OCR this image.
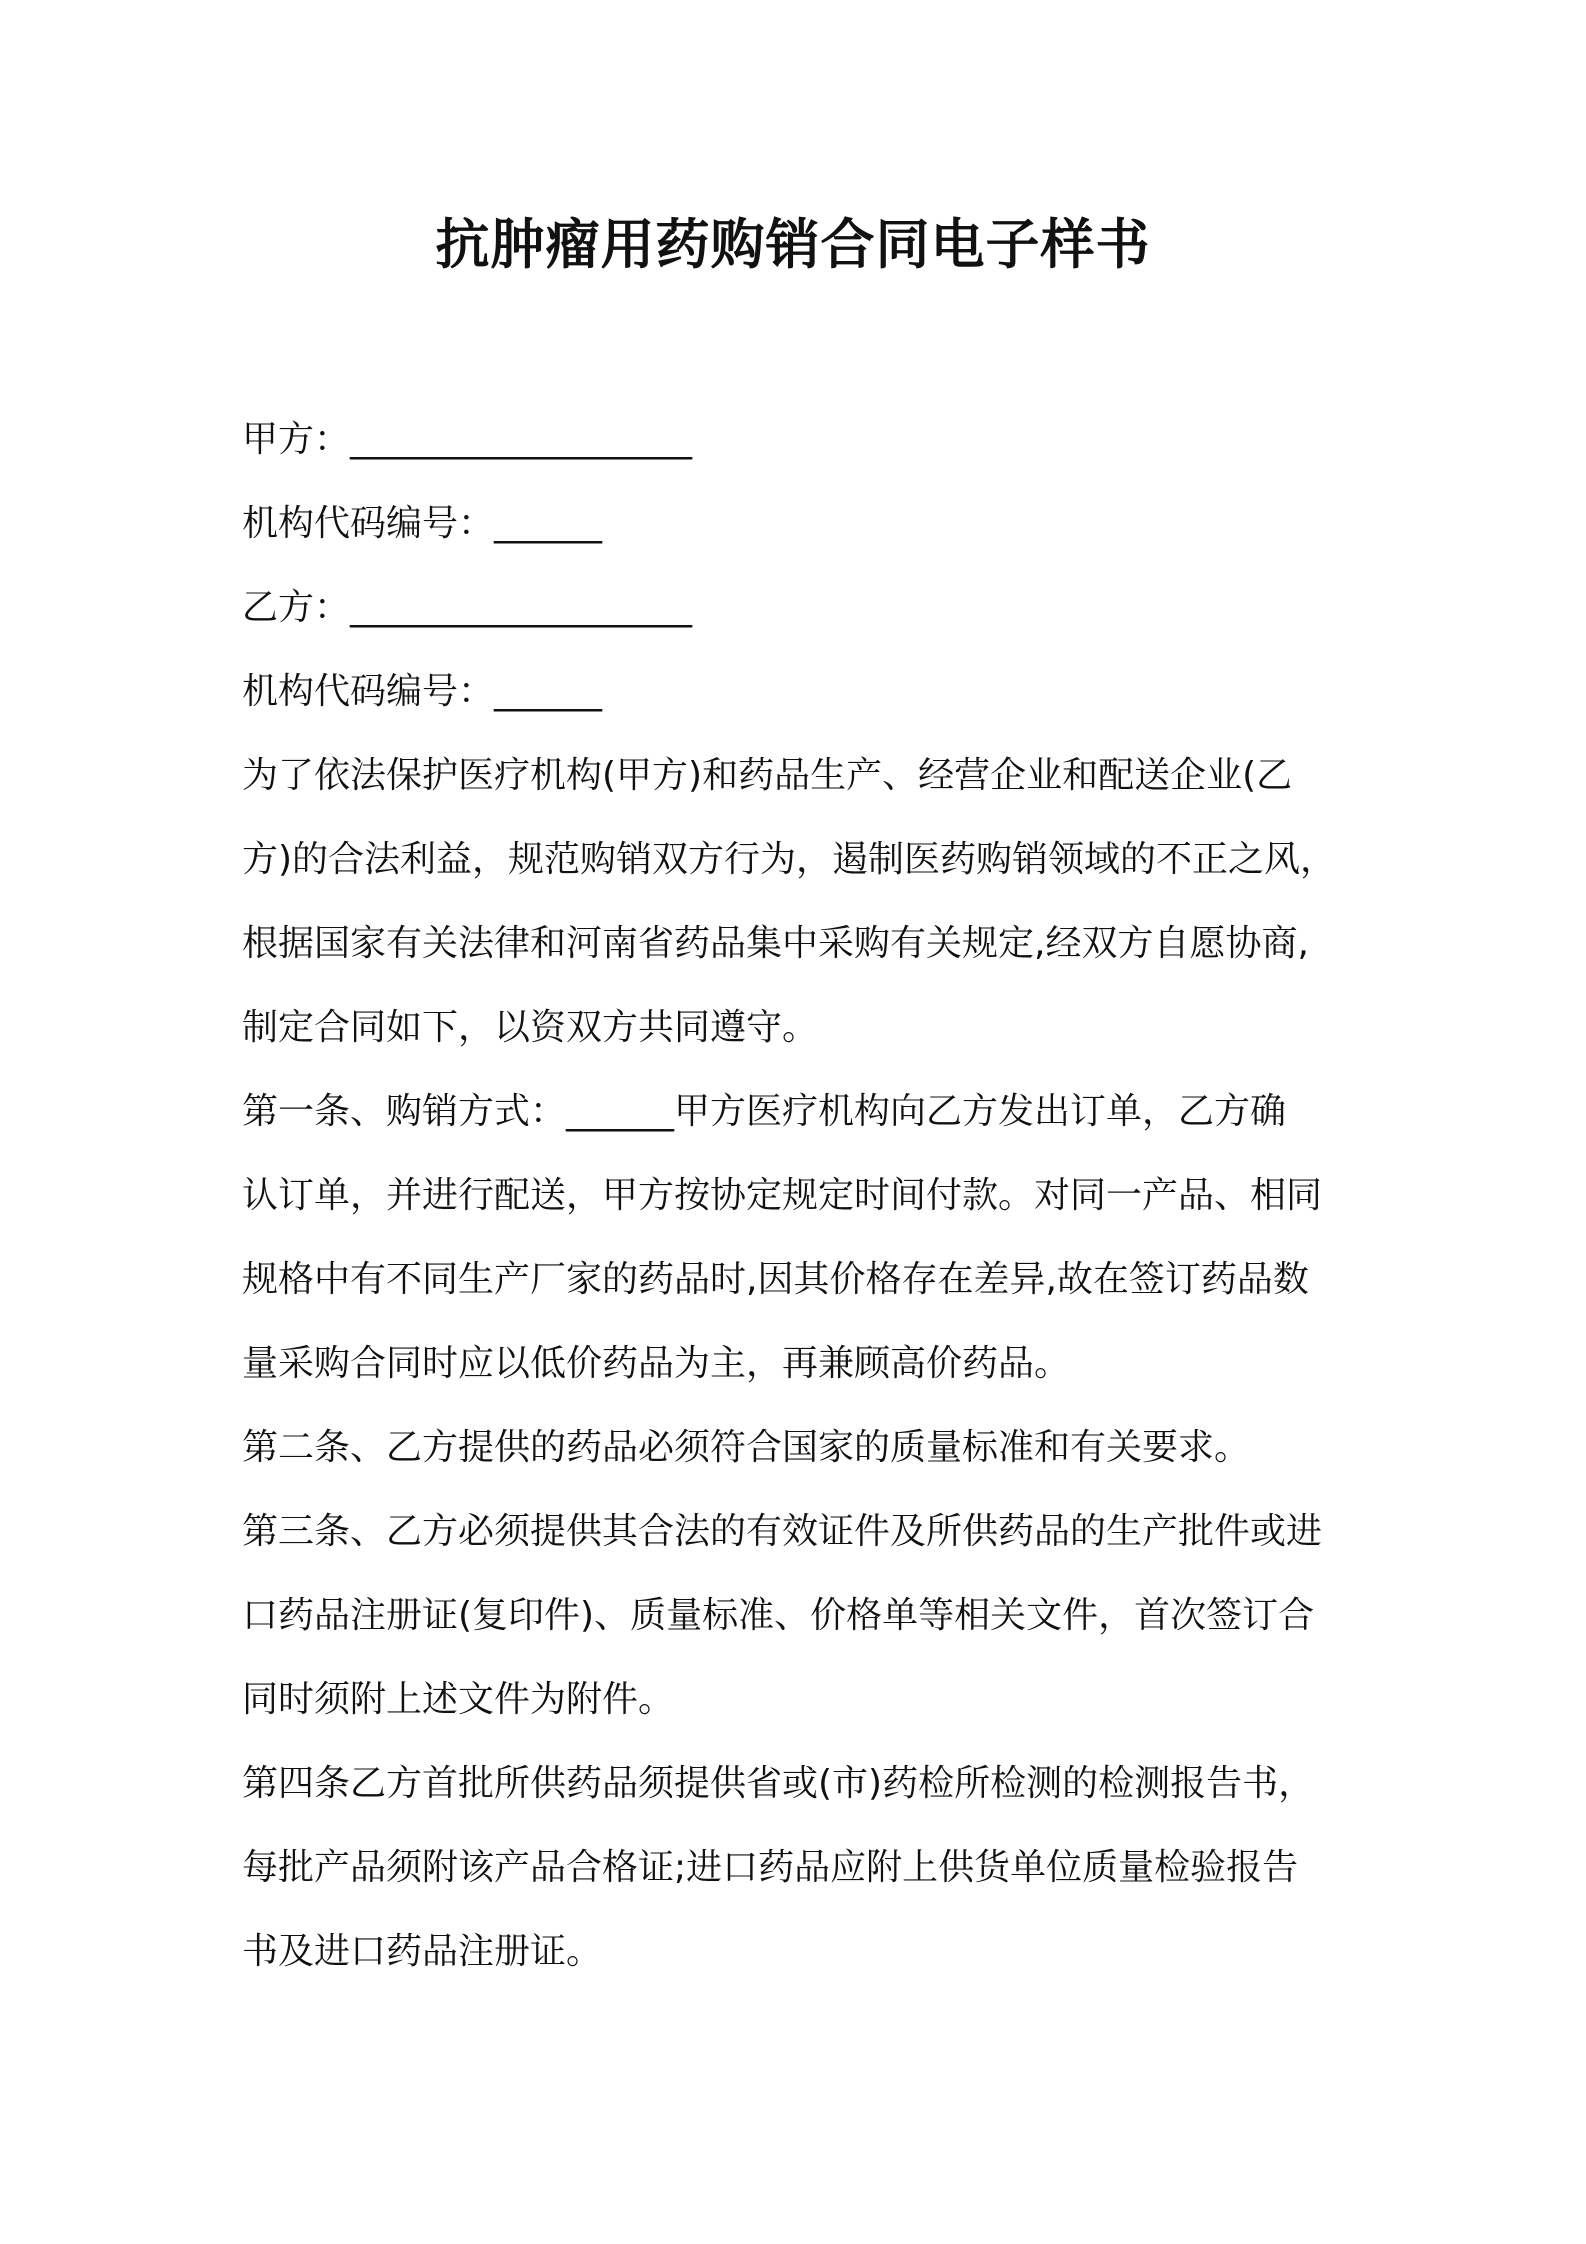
抗肿瘤用药购销合同电子样书
甲方：___________________
机构代码编号：______
乙方：___________________
机构代码编号：______
为了依法保护医疗机构(甲方)和药品生产、经营企业和配送企业(乙
方)的合法利益，规范购销双方行为，遏制医药购销领域的不正之风，
根据国家有关法律和河南省药品集中采购有关规定,经双方自愿协商,
制定合同如下，以资双方共同遵守。
第一条、购销方式：______甲方医疗机构向乙方发出订单，乙方确
认订单，并进行配送，甲方按协定规定时间付款。对同一产品、相同
规格中有不同生产厂家的药品时,因其价格存在差异,故在签订药品数
量采购合同时应以低价药品为主，再兼顾高价药品。
第二条、乙方提供的药品必须符合国家的质量标准和有关要求。
第三条、乙方必须提供其合法的有效证件及所供药品的生产批件或进
口药品注册证(复印件)、质量标准、价格单等相关文件，首次签订合
同时须附上述文件为附件。
第四条乙方首批所供药品须提供省或(市)药检所检测的检测报告书，
每批产品须附该产品合格证;进口药品应附上供货单位质量检验报告
书及进口药品注册证。
